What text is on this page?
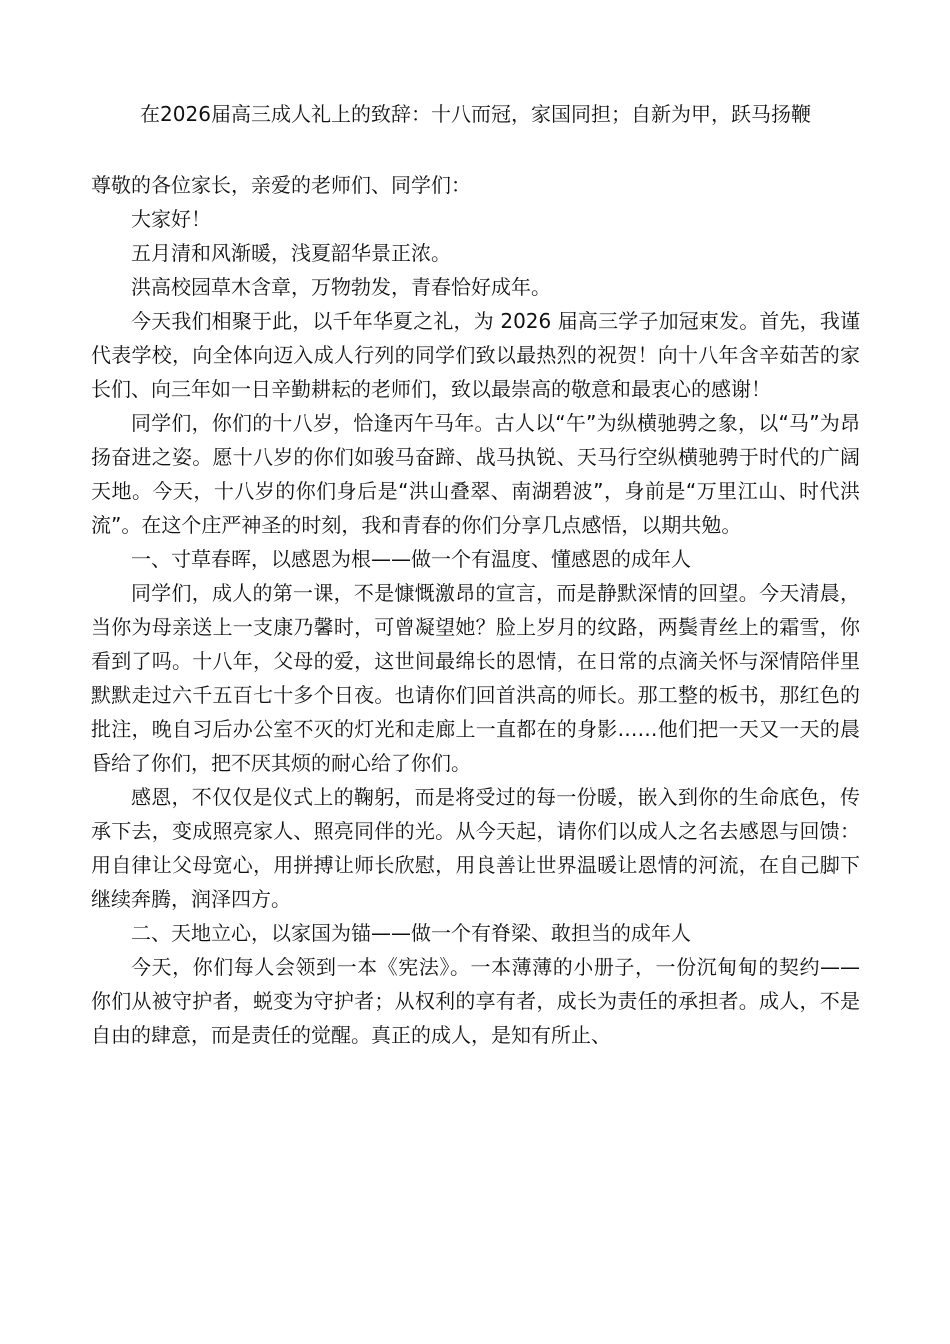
在2026届高三成人礼上的致辞：十八而冠，家国同担；自新为甲，跃马扬鞭

尊敬的各位家长，亲爱的老师们、同学们：

大家好！

五月清和风渐暖，浅夏韶华景正浓。

洪高校园草木含章，万物勃发，青春恰好成年。

今天我们相聚于此，以千年华夏之礼，为 2026 届高三学子加冠束发。首先，我谨代表学校，向全体向迈入成人行列的同学们致以最热烈的祝贺！向十八年含辛茹苦的家长们、向三年如一日辛勤耕耘的老师们，致以最崇高的敬意和最衷心的感谢！

同学们，你们的十八岁，恰逢丙午马年。古人以“午”为纵横驰骋之象，以“马”为昂扬奋进之姿。愿十八岁的你们如骏马奋蹄、战马执锐、天马行空纵横驰骋于时代的广阔天地。今天，十八岁的你们身后是“洪山叠翠、南湖碧波”，身前是“万里江山、时代洪流”。在这个庄严神圣的时刻，我和青春的你们分享几点感悟，以期共勉。

一、寸草春晖，以感恩为根——做一个有温度、懂感恩的成年人

同学们，成人的第一课，不是慷慨激昂的宣言，而是静默深情的回望。今天清晨，当你为母亲送上一支康乃馨时，可曾凝望她？脸上岁月的纹路，两鬓青丝上的霜雪，你看到了吗。十八年，父母的爱，这世间最绵长的恩情，在日常的点滴关怀与深情陪伴里默默走过六千五百七十多个日夜。也请你们回首洪高的师长。那工整的板书，那红色的批注，晚自习后办公室不灭的灯光和走廊上一直都在的身影……他们把一天又一天的晨昏给了你们，把不厌其烦的耐心给了你们。

感恩，不仅仅是仪式上的鞠躬，而是将受过的每一份暖，嵌入到你的生命底色，传承下去，变成照亮家人、照亮同伴的光。从今天起，请你们以成人之名去感恩与回馈：用自律让父母宽心，用拼搏让师长欣慰，用良善让世界温暖让恩情的河流，在自己脚下继续奔腾，润泽四方。

二、天地立心，以家国为锚——做一个有脊梁、敢担当的成年人

今天，你们每人会领到一本《宪法》。一本薄薄的小册子，一份沉甸甸的契约——你们从被守护者，蜕变为守护者；从权利的享有者，成长为责任的承担者。成人，不是自由的肆意，而是责任的觉醒。真正的成人，是知有所止、
